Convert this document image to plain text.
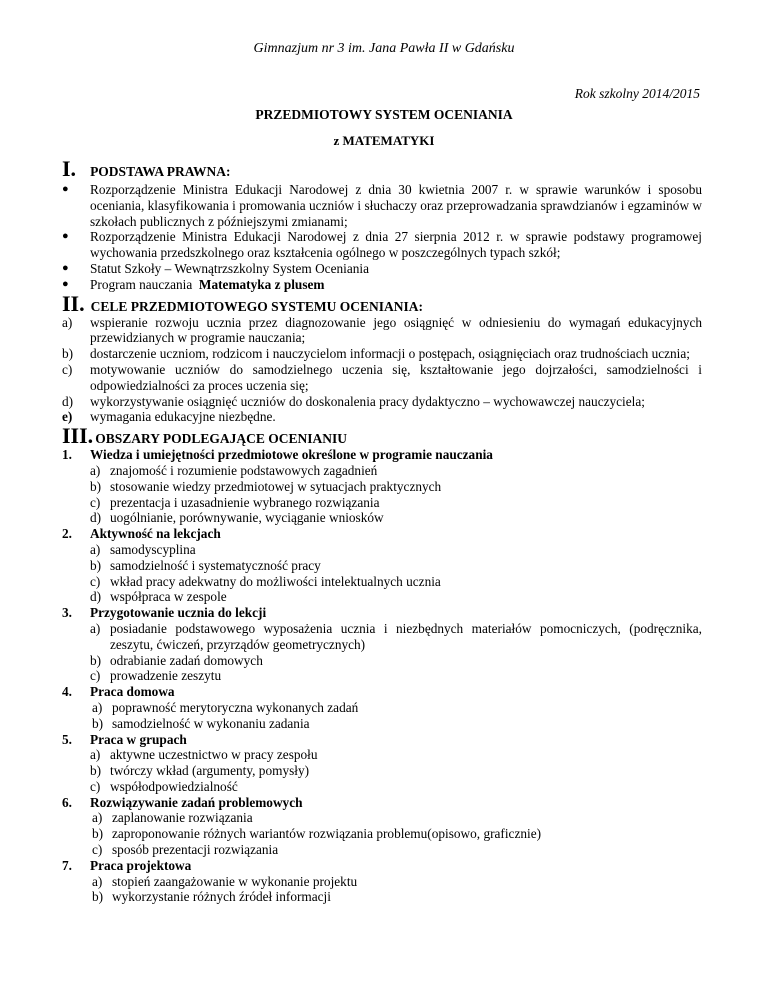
Gimnazjum nr 3 im. Jana Pawła II w Gdańsku
Rok szkolny 2014/2015
PRZEDMIOTOWY SYSTEM OCENIANIA
z MATEMATYKI
I. PODSTAWA PRAWNA:
● Rozporządzenie Ministra Edukacji Narodowej z dnia 30 kwietnia 2007 r. w sprawie warunków i sposobu oceniania, klasyfikowania i promowania uczniów i słuchaczy oraz przeprowadzania sprawdzianów i egzaminów w szkołach publicznych z późniejszymi zmianami;
● Rozporządzenie Ministra Edukacji Narodowej z dnia 27 sierpnia 2012 r. w sprawie podstawy programowej wychowania przedszkolnego oraz kształcenia ogólnego w poszczególnych typach szkół;
● Statut Szkoły – Wewnątrzszkolny System Oceniania
● Program nauczania Matematyka z plusem
II. CELE PRZEDMIOTOWEGO SYSTEMU OCENIANIA:
a) wspieranie rozwoju ucznia przez diagnozowanie jego osiągnięć w odniesieniu do wymagań edukacyjnych przewidzianych w programie nauczania;
b) dostarczenie uczniom, rodzicom i nauczycielom informacji o postępach, osiągnięciach oraz trudnościach ucznia;
c) motywowanie uczniów do samodzielnego uczenia się, kształtowanie jego dojrzałości, samodzielności i odpowiedzialności za proces uczenia się;
d) wykorzystywanie osiągnięć uczniów do doskonalenia pracy dydaktyczno – wychowawczej nauczyciela;
e) wymagania edukacyjne niezbędne.
III. OBSZARY PODLEGAJĄCE OCENIANIU
1. Wiedza i umiejętności przedmiotowe określone w programie nauczania
a) znajomość i rozumienie podstawowych zagadnień
b) stosowanie wiedzy przedmiotowej w sytuacjach praktycznych
c) prezentacja i uzasadnienie wybranego rozwiązania
d) uogólnianie, porównywanie, wyciąganie wniosków
2. Aktywność na lekcjach
a) samodyscyplina
b) samodzielność i systematyczność pracy
c) wkład pracy adekwatny do możliwości intelektualnych ucznia
d) współpraca w zespole
3. Przygotowanie ucznia do lekcji
a) posiadanie podstawowego wyposażenia ucznia i niezbędnych materiałów pomocniczych, (podręcznika, zeszytu, ćwiczeń, przyrządów geometrycznych)
b) odrabianie zadań domowych
c) prowadzenie zeszytu
4. Praca domowa
a) poprawność merytoryczna wykonanych zadań
b) samodzielność w wykonaniu zadania
5. Praca w grupach
a) aktywne uczestnictwo w pracy zespołu
b) twórczy wkład (argumenty, pomysły)
c) współodpowiedzialność
6. Rozwiązywanie zadań problemowych
a) zaplanowanie rozwiązania
b) zaproponowanie różnych wariantów rozwiązania problemu(opisowo, graficznie)
c) sposób prezentacji rozwiązania
7. Praca projektowa
a) stopień zaangażowanie w wykonanie projektu
b) wykorzystanie różnych źródeł informacji
